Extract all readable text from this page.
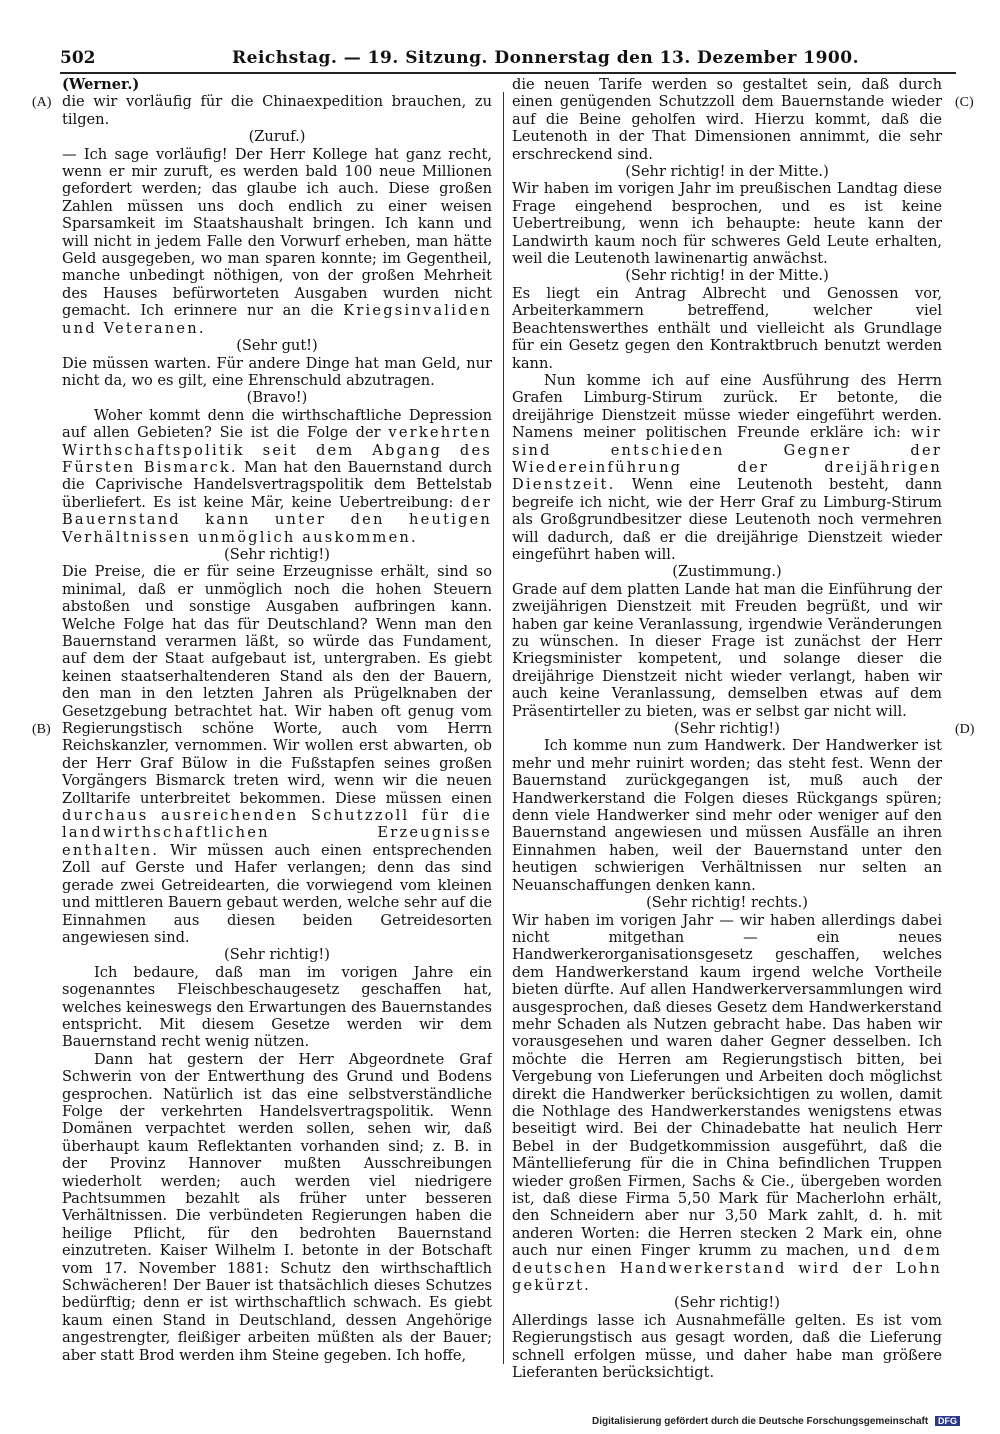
502	Reichstag. — 19. Sitzung. Donnerstag den 13. Dezember 1900.
(A)
(B)
(C)
(D)

(Werner.)

die wir vorläufig für die Chinaexpedition brauchen, zu tilgen.

(Zuruf.)

— Ich sage vorläufig! Der Herr Kollege hat ganz recht, wenn er mir zuruft, es werden bald 100 neue Millionen gefordert werden; das glaube ich auch. Diese großen Zahlen müssen uns doch endlich zu einer weisen Sparsamkeit im Staatshaushalt bringen. Ich kann und will nicht in jedem Falle den Vorwurf erheben, man hätte Geld ausgegeben, wo man sparen konnte; im Gegentheil, manche unbedingt nöthigen, von der großen Mehrheit des Hauses befürworteten Ausgaben wurden nicht gemacht. Ich erinnere nur an die Kriegsinvaliden und Veteranen.

(Sehr gut!)

Die müssen warten. Für andere Dinge hat man Geld, nur nicht da, wo es gilt, eine Ehrenschuld abzutragen.

(Bravo!)

Woher kommt denn die wirthschaftliche Depression auf allen Gebieten? Sie ist die Folge der verkehrten Wirthschaftspolitik seit dem Abgang des Fürsten Bismarck. Man hat den Bauernstand durch die Caprivische Handelsvertragspolitik dem Bettelstab überliefert. Es ist keine Mär, keine Uebertreibung: der Bauernstand kann unter den heutigen Verhältnissen unmöglich auskommen.

(Sehr richtig!)

Die Preise, die er für seine Erzeugnisse erhält, sind so minimal, daß er unmöglich noch die hohen Steuern abstoßen und sonstige Ausgaben aufbringen kann. Welche Folge hat das für Deutschland? Wenn man den Bauernstand verarmen läßt, so würde das Fundament, auf dem der Staat aufgebaut ist, untergraben. Es giebt keinen staatserhaltenderen Stand als den der Bauern, den man in den letzten Jahren als Prügelknaben der Gesetzgebung betrachtet hat. Wir haben oft genug vom Regierungstisch schöne Worte, auch vom Herrn Reichskanzler, vernommen. Wir wollen erst abwarten, ob der Herr Graf Bülow in die Fußstapfen seines großen Vorgängers Bismarck treten wird, wenn wir die neuen Zolltarife unterbreitet bekommen. Diese müssen einen durchaus ausreichenden Schutzzoll für die landwirthschaftlichen Erzeugnisse enthalten. Wir müssen auch einen entsprechenden Zoll auf Gerste und Hafer verlangen; denn das sind gerade zwei Getreidearten, die vorwiegend vom kleinen und mittleren Bauern gebaut werden, welche sehr auf die Einnahmen aus diesen beiden Getreidesorten angewiesen sind.

(Sehr richtig!)

Ich bedaure, daß man im vorigen Jahre ein sogenanntes Fleischbeschaugesetz geschaffen hat, welches keineswegs den Erwartungen des Bauernstandes entspricht. Mit diesem Gesetze werden wir dem Bauernstand recht wenig nützen.

Dann hat gestern der Herr Abgeordnete Graf Schwerin von der Entwerthung des Grund und Bodens gesprochen. Natürlich ist das eine selbstverständliche Folge der verkehrten Handelsvertragspolitik. Wenn Domänen verpachtet werden sollen, sehen wir, daß überhaupt kaum Reflektanten vorhanden sind; z. B. in der Provinz Hannover mußten Ausschreibungen wiederholt werden; auch werden viel niedrigere Pachtsummen bezahlt als früher unter besseren Verhältnissen. Die verbündeten Regierungen haben die heilige Pflicht, für den bedrohten Bauernstand einzutreten. Kaiser Wilhelm I. betonte in der Botschaft vom 17. November 1881: Schutz den wirthschaftlich Schwächeren! Der Bauer ist thatsächlich dieses Schutzes bedürftig; denn er ist wirthschaftlich schwach. Es giebt kaum einen Stand in Deutschland, dessen Angehörige angestrengter, fleißiger arbeiten müßten als der Bauer; aber statt Brod werden ihm Steine gegeben. Ich hoffe,

die neuen Tarife werden so gestaltet sein, daß durch einen genügenden Schutzzoll dem Bauernstande wieder auf die Beine geholfen wird. Hierzu kommt, daß die Leutenoth in der That Dimensionen annimmt, die sehr erschreckend sind.

(Sehr richtig! in der Mitte.)

Wir haben im vorigen Jahr im preußischen Landtag diese Frage eingehend besprochen, und es ist keine Uebertreibung, wenn ich behaupte: heute kann der Landwirth kaum noch für schweres Geld Leute erhalten, weil die Leutenoth lawinenartig anwächst.

(Sehr richtig! in der Mitte.)

Es liegt ein Antrag Albrecht und Genossen vor, Arbeiterkammern betreffend, welcher viel Beachtenswerthes enthält und vielleicht als Grundlage für ein Gesetz gegen den Kontraktbruch benutzt werden kann.

Nun komme ich auf eine Ausführung des Herrn Grafen Limburg-Stirum zurück. Er betonte, die dreijährige Dienstzeit müsse wieder eingeführt werden. Namens meiner politischen Freunde erkläre ich: wir sind entschieden Gegner der Wiedereinführung der dreijährigen Dienstzeit. Wenn eine Leutenoth besteht, dann begreife ich nicht, wie der Herr Graf zu Limburg-Stirum als Großgrundbesitzer diese Leutenoth noch vermehren will dadurch, daß er die dreijährige Dienstzeit wieder eingeführt haben will.

(Zustimmung.)

Grade auf dem platten Lande hat man die Einführung der zweijährigen Dienstzeit mit Freuden begrüßt, und wir haben gar keine Veranlassung, irgendwie Veränderungen zu wünschen. In dieser Frage ist zunächst der Herr Kriegsminister kompetent, und solange dieser die dreijährige Dienstzeit nicht wieder verlangt, haben wir auch keine Veranlassung, demselben etwas auf dem Präsentirteller zu bieten, was er selbst gar nicht will.

(Sehr richtig!)

Ich komme nun zum Handwerk. Der Handwerker ist mehr und mehr ruinirt worden; das steht fest. Wenn der Bauernstand zurückgegangen ist, muß auch der Handwerkerstand die Folgen dieses Rückgangs spüren; denn viele Handwerker sind mehr oder weniger auf den Bauernstand angewiesen und müssen Ausfälle an ihren Einnahmen haben, weil der Bauernstand unter den heutigen schwierigen Verhältnissen nur selten an Neuanschaffungen denken kann.

(Sehr richtig! rechts.)

Wir haben im vorigen Jahr — wir haben allerdings dabei nicht mitgethan — ein neues Handwerkerorganisationsgesetz geschaffen, welches dem Handwerkerstand kaum irgend welche Vortheile bieten dürfte. Auf allen Handwerkerversammlungen wird ausgesprochen, daß dieses Gesetz dem Handwerkerstand mehr Schaden als Nutzen gebracht habe. Das haben wir vorausgesehen und waren daher Gegner desselben. Ich möchte die Herren am Regierungstisch bitten, bei Vergebung von Lieferungen und Arbeiten doch möglichst direkt die Handwerker berücksichtigen zu wollen, damit die Nothlage des Handwerkerstandes wenigstens etwas beseitigt wird. Bei der Chinadebatte hat neulich Herr Bebel in der Budgetkommission ausgeführt, daß die Mäntellieferung für die in China befindlichen Truppen wieder großen Firmen, Sachs & Cie., übergeben worden ist, daß diese Firma 5,50 Mark für Macherlohn erhält, den Schneidern aber nur 3,50 Mark zahlt, d. h. mit anderen Worten: die Herren stecken 2 Mark ein, ohne auch nur einen Finger krumm zu machen, und dem deutschen Handwerkerstand wird der Lohn gekürzt.

(Sehr richtig!)

Allerdings lasse ich Ausnahmefälle gelten. Es ist vom Regierungstisch aus gesagt worden, daß die Lieferung schnell erfolgen müsse, und daher habe man größere Lieferanten berücksichtigt.

Digitalisierung gefördert durch die Deutsche Forschungsgemeinschaft DFG
